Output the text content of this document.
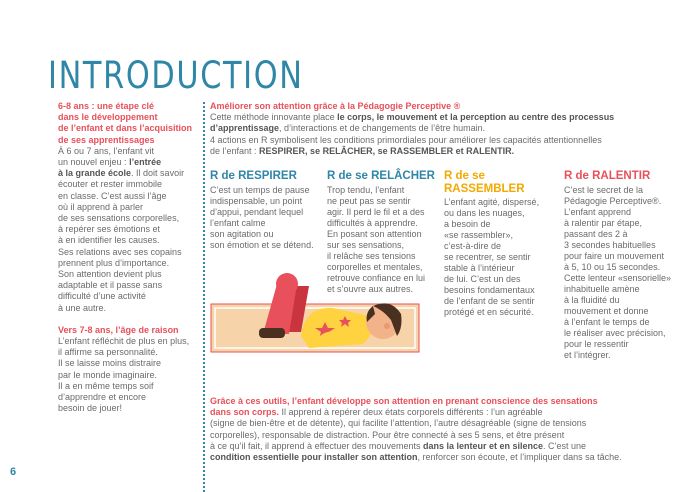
INTRODUCTION

6-8 ans : une étape clé
dans le développement
de l’enfant et dans l’acquisition
de ses apprentissages

À 6 ou 7 ans, l’enfant vit
un nouvel enjeu : l’entrée
à la grande école. Il doit savoir
écouter et rester immobile
en classe. C’est aussi l’âge
où il apprend à parler
de ses sensations corporelles,
à repérer ses émotions et
à en identifier les causes.
Ses relations avec ses copains
prennent plus d’importance.
Son attention devient plus
adaptable et il passe sans
difficulté d’une activité
à une autre.

Vers 7-8 ans, l’âge de raison

L’enfant réfléchit de plus en plus,
il affirme sa personnalité.
Il se laisse moins distraire
par le monde imaginaire.
Il a en même temps soif
d’apprendre et encore
besoin de jouer!

Améliorer son attention grâce à la Pédagogie Perceptive ®

Cette méthode innovante place le corps, le mouvement et la perception au centre des processus
d’apprentissage, d’interactions et de changements de l’être humain.
4 actions en R symbolisent les conditions primordiales pour améliorer les capacités attentionnelles
de l’enfant : RESPIRER, se RELÂCHER, se RASSEMBLER et RALENTIR.

R de RESPIRER

C’est un temps de pause
indispensable, un point
d’appui, pendant lequel
l’enfant calme
son agitation ou
son émotion et se détend.

R de se RELÂCHER

Trop tendu, l’enfant
ne peut pas se sentir
agir. Il perd le fil et a des
difficultés à apprendre.
En posant son attention
sur ses sensations,
il relâche ses tensions
corporelles et mentales,
retrouve confiance en lui
et s’ouvre aux autres.

R de se
RASSEMBLER

L’enfant agité, dispersé,
ou dans les nuages,
a besoin de
«se rassembler»,
c’est-à-dire de
se recentrer, se sentir
stable à l’intérieur
de lui. C’est un des
besoins fondamentaux
de l’enfant de se sentir
protégé et en sécurité.

R de RALENTIR

C’est le secret de la
Pédagogie Perceptive®.
L’enfant apprend
à ralentir par étape,
passant des 2 à
3 secondes habituelles
pour faire un mouvement
à 5, 10 ou 15 secondes.
Cette lenteur «sensorielle»
inhabituelle amène
à la fluidité du
mouvement et donne
à l’enfant le temps de
le réaliser avec précision,
pour le ressentir
et l’intégrer.

Grâce à ces outils, l’enfant développe son attention en prenant conscience des sensations
dans son corps. Il apprend à repérer deux états corporels différents : l’un agréable
(signe de bien-être et de détente), qui facilite l’attention, l’autre désagréable (signe de tensions
corporelles), responsable de distraction. Pour être connecté à ses 5 sens, et être présent
à ce qu’il fait, il apprend à effectuer des mouvements dans la lenteur et en silence. C’est une
condition essentielle pour installer son attention, renforcer son écoute, et l’impliquer dans sa tâche.

6
